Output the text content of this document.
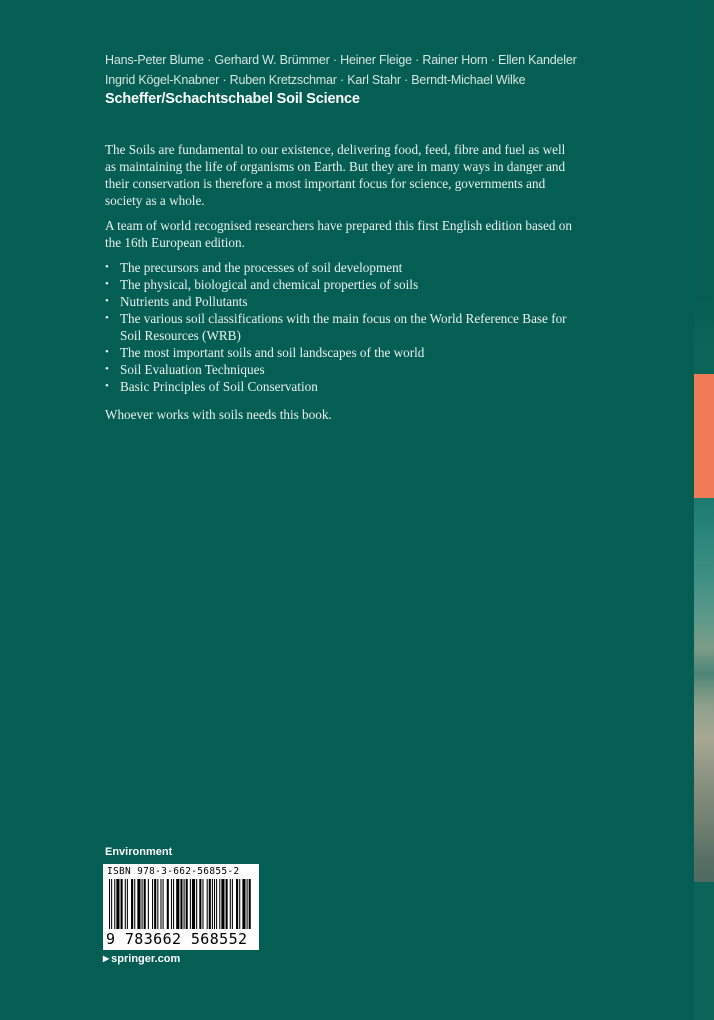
Hans-Peter Blume · Gerhard W. Brümmer · Heiner Fleige · Rainer Horn · Ellen Kandeler
Ingrid Kögel-Knabner · Ruben Kretzschmar · Karl Stahr · Berndt-Michael Wilke
Scheffer/Schachtschabel Soil Science

The Soils are fundamental to our existence, delivering food, feed, fibre and fuel as well as maintaining the life of organisms on Earth. But they are in many ways in danger and their conservation is therefore a most important focus for science, governments and society as a whole.

A team of world recognised researchers have prepared this first English edition based on the 16th European edition.

• The precursors and the processes of soil development
• The physical, biological and chemical properties of soils
• Nutrients and Pollutants
• The various soil classifications with the main focus on the World Reference Base for Soil Resources (WRB)
• The most important soils and soil landscapes of the world
• Soil Evaluation Techniques
• Basic Principles of Soil Conservation

Whoever works with soils needs this book.

Environment
ISBN 978-3-662-56855-2
9 783662 568552
▶ springer.com
